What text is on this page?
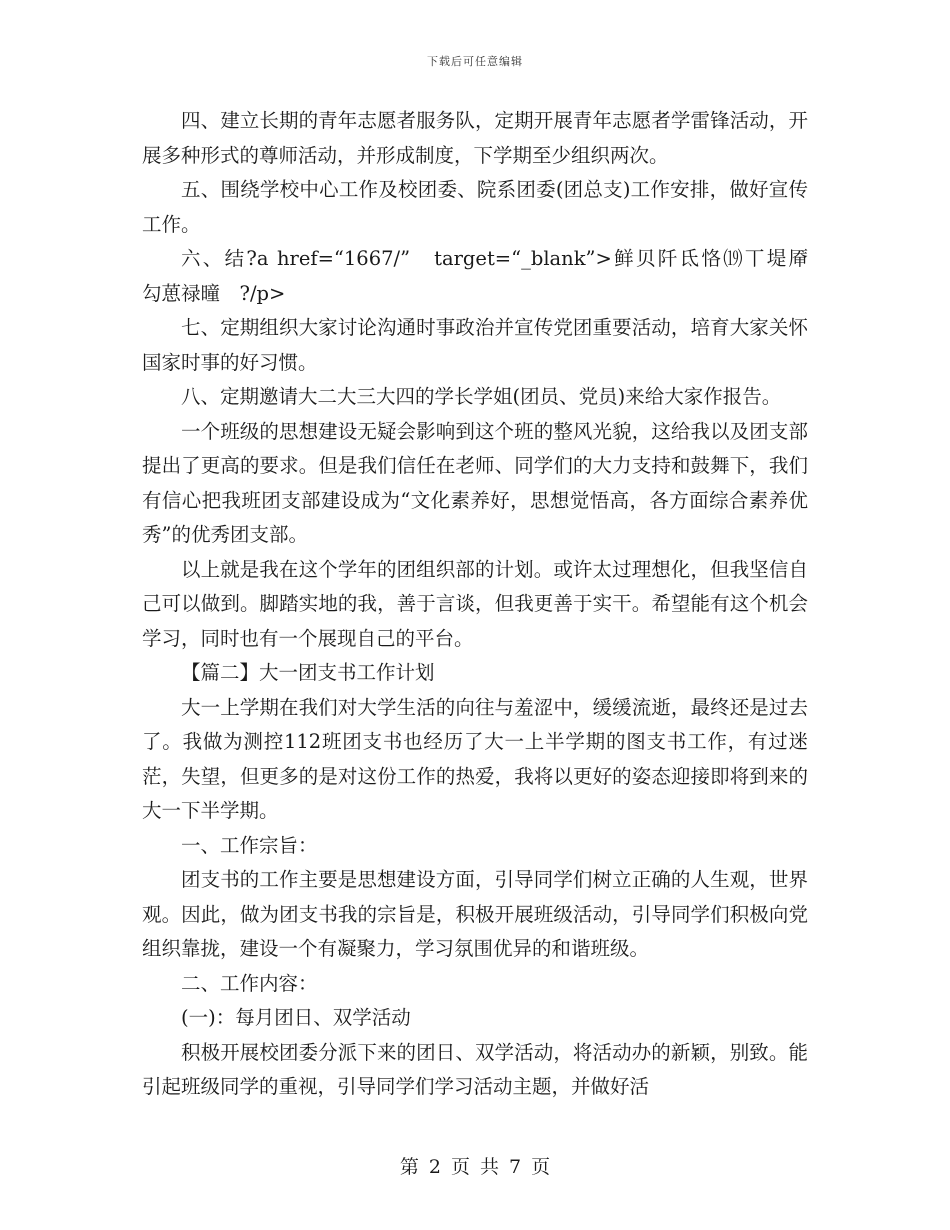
下载后可任意编辑

四、建立长期的青年志愿者服务队，定期开展青年志愿者学雷锋活动，开展多种形式的尊师活动，并形成制度，下学期至少组织两次。

五、围绕学校中心工作及校团委、院系团委(团总支)工作安排，做好宣传工作。

六、结?a href=“1667/”　target=“_blank”>鲜贝阡氐恪⒆丅堤厣　　勾葸禄曈　?/p>

七、定期组织大家讨论沟通时事政治并宣传党团重要活动，培育大家关怀国家时事的好习惯。

八、定期邀请大二大三大四的学长学姐(团员、党员)来给大家作报告。

一个班级的思想建设无疑会影响到这个班的整风光貌，这给我以及团支部提出了更高的要求。但是我们信任在老师、同学们的大力支持和鼓舞下，我们有信心把我班团支部建设成为“文化素养好，思想觉悟高，各方面综合素养优秀”的优秀团支部。

以上就是我在这个学年的团组织部的计划。或许太过理想化，但我坚信自己可以做到。脚踏实地的我，善于言谈，但我更善于实干。希望能有这个机会学习，同时也有一个展现自己的平台。

【篇二】大一团支书工作计划

大一上学期在我们对大学生活的向往与羞涩中，缓缓流逝，最终还是过去了。我做为测控112班团支书也经历了大一上半学期的图支书工作，有过迷茫，失望，但更多的是对这份工作的热爱，我将以更好的姿态迎接即将到来的大一下半学期。

一、工作宗旨：

团支书的工作主要是思想建设方面，引导同学们树立正确的人生观，世界观。因此，做为团支书我的宗旨是，积极开展班级活动，引导同学们积极向党组织靠拢，建设一个有凝聚力，学习氛围优异的和谐班级。

二、工作内容：

(一)：每月团日、双学活动

积极开展校团委分派下来的团日、双学活动，将活动办的新颖，别致。能引起班级同学的重视，引导同学们学习活动主题，并做好活

第 2 页 共 7 页
